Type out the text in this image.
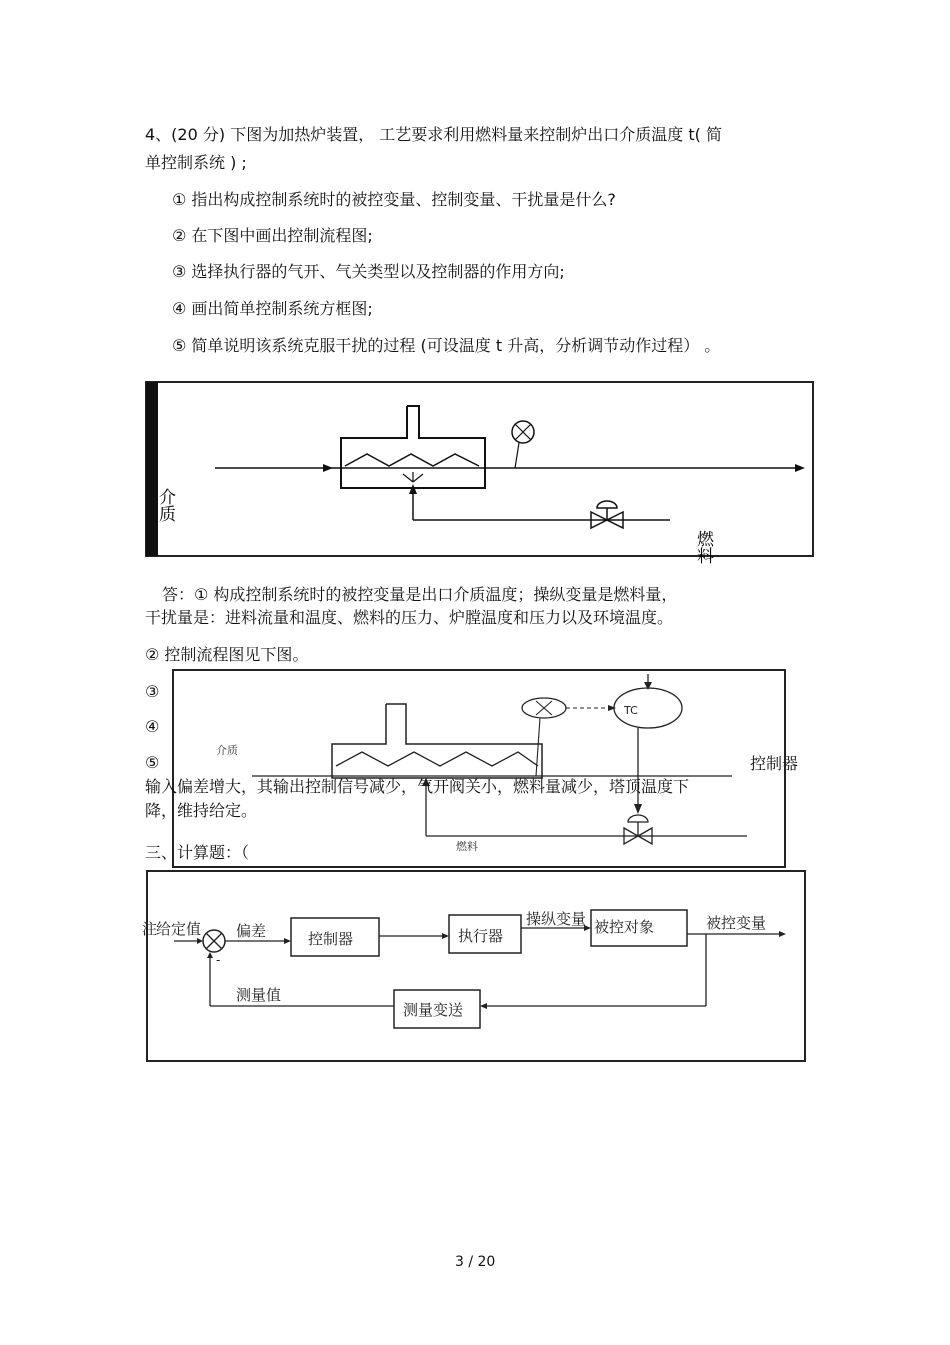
4、(20 分) 下图为加热炉装置， 工艺要求利用燃料量来控制炉出口介质温度 t( 简
单控制系统 ) ;
① 指出构成控制系统时的被控变量、控制变量、干扰量是什么?
② 在下图中画出控制流程图;
③ 选择执行器的气开、气关类型以及控制器的作用方向;
④ 画出简单控制系统方框图;
⑤ 简单说明该系统克服干扰的过程 (可设温度 t 升高，分析调节动作过程） 。
介质
燃料
答：① 构成控制系统时的被控变量是出口介质温度；操纵变量是燃料量，
干扰量是：进料流量和温度、燃料的压力、炉膛温度和压力以及环境温度。
② 控制流程图见下图。
③
④
⑤	控制器
TC
介质
燃料
输入偏差增大，其输出控制信号减少，气开阀关小，燃料量减少，塔顶温度下
降，维持给定。
三、计算题：（
注
给定值 偏差
-
控制器	执行器
操纵变量 被控对象	被控变量
测量值
测量变送
3 / 20
